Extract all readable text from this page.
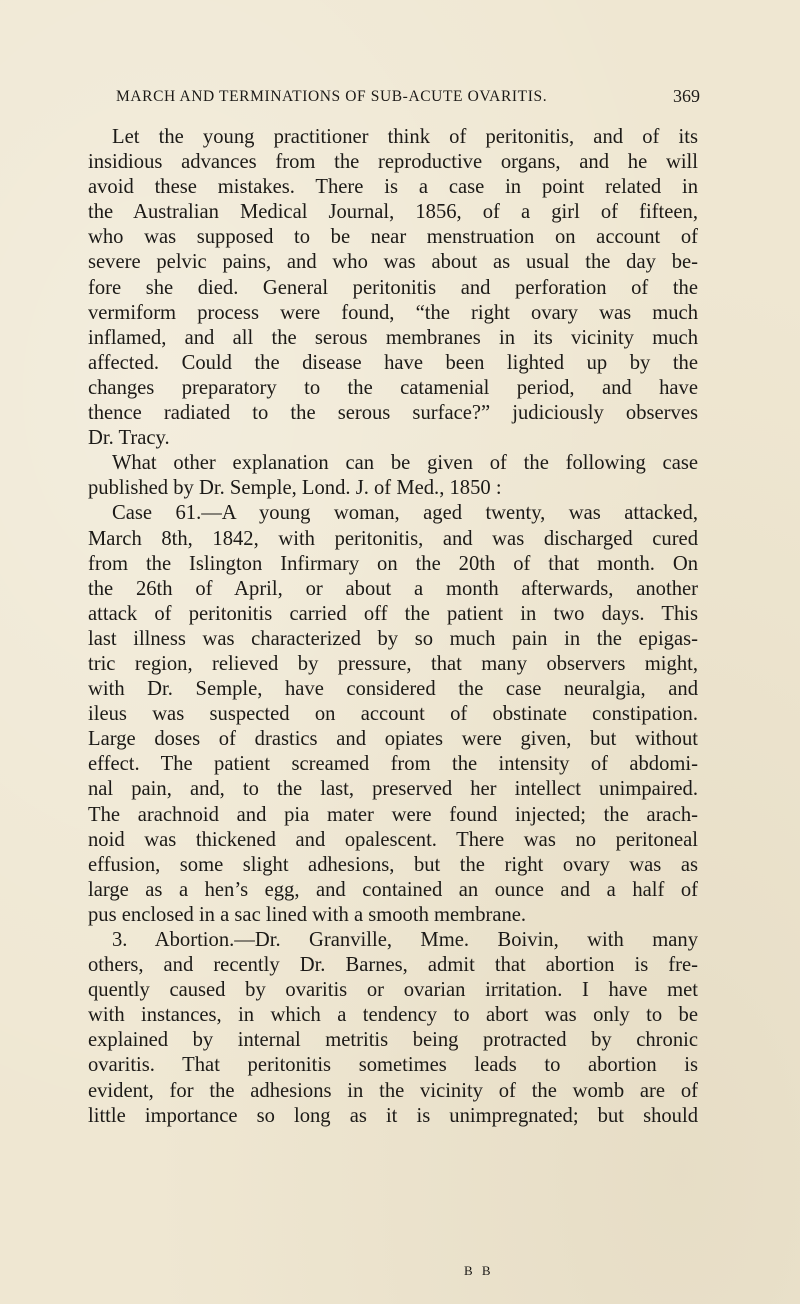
MARCH AND TERMINATIONS OF SUB-ACUTE OVARITIS.	369
Let the young practitioner think of peritonitis, and of its
insidious advances from the reproductive organs, and he will
avoid these mistakes. There is a case in point related in
the Australian Medical Journal, 1856, of a girl of fifteen,
who was supposed to be near menstruation on account of
severe pelvic pains, and who was about as usual the day be-
fore she died. General peritonitis and perforation of the
vermiform process were found, “the right ovary was much
inflamed, and all the serous membranes in its vicinity much
affected. Could the disease have been lighted up by the
changes preparatory to the catamenial period, and have
thence radiated to the serous surface?” judiciously observes
Dr. Tracy.
What other explanation can be given of the following case
published by Dr. Semple, Lond. J. of Med., 1850 :
Case 61.—A young woman, aged twenty, was attacked,
March 8th, 1842, with peritonitis, and was discharged cured
from the Islington Infirmary on the 20th of that month. On
the 26th of April, or about a month afterwards, another
attack of peritonitis carried off the patient in two days. This
last illness was characterized by so much pain in the epigas-
tric region, relieved by pressure, that many observers might,
with Dr. Semple, have considered the case neuralgia, and
ileus was suspected on account of obstinate constipation.
Large doses of drastics and opiates were given, but without
effect. The patient screamed from the intensity of abdomi-
nal pain, and, to the last, preserved her intellect unimpaired.
The arachnoid and pia mater were found injected; the arach-
noid was thickened and opalescent. There was no peritoneal
effusion, some slight adhesions, but the right ovary was as
large as a hen’s egg, and contained an ounce and a half of
pus enclosed in a sac lined with a smooth membrane.
3. Abortion.—Dr. Granville, Mme. Boivin, with many
others, and recently Dr. Barnes, admit that abortion is fre-
quently caused by ovaritis or ovarian irritation. I have met
with instances, in which a tendency to abort was only to be
explained by internal metritis being protracted by chronic
ovaritis. That peritonitis sometimes leads to abortion is
evident, for the adhesions in the vicinity of the womb are of
little importance so long as it is unimpregnated; but should
B B
